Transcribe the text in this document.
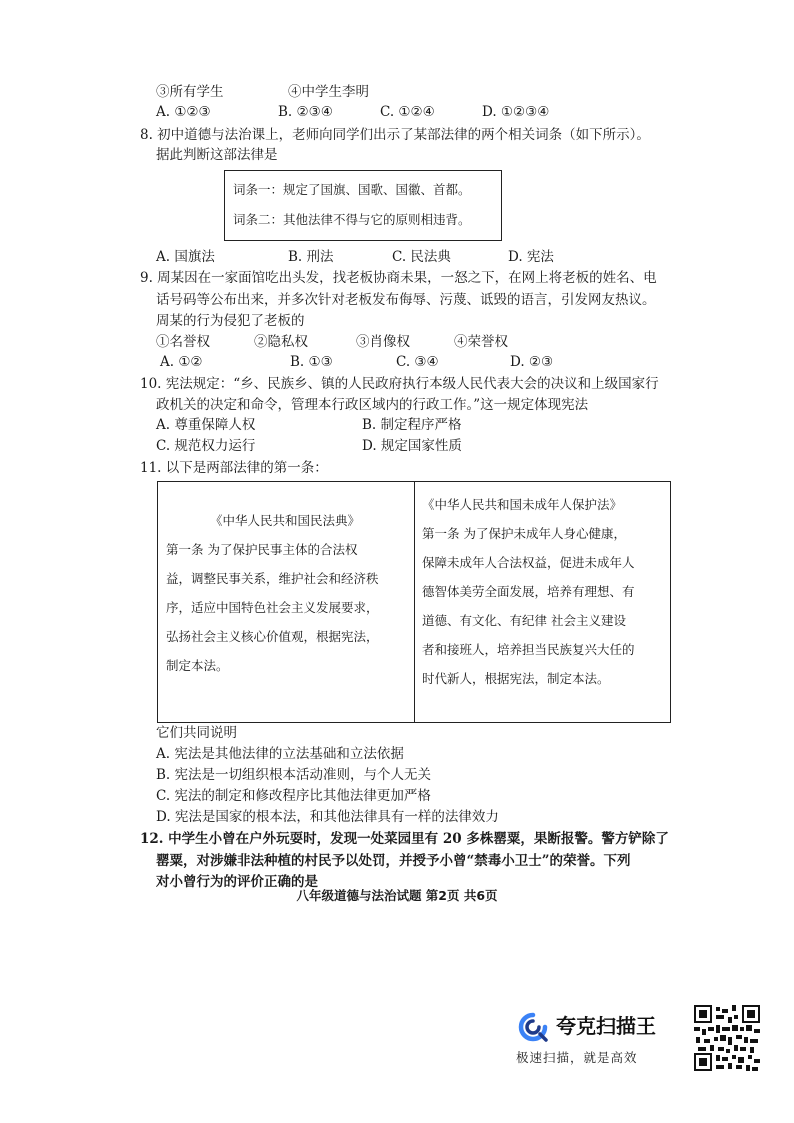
③所有学生	④中学生李明
A. ①②③	B. ②③④	C. ①②④	D. ①②③④
8. 初中道德与法治课上，老师向同学们出示了某部法律的两个相关词条（如下所示）。
据此判断这部法律是
词条一：规定了国旗、国歌、国徽、首都。
词条二：其他法律不得与它的原则相违背。
A. 国旗法	B. 刑法	C. 民法典	D. 宪法
9. 周某因在一家面馆吃出头发，找老板协商未果，一怒之下，在网上将老板的姓名、电
话号码等公布出来，并多次针对老板发布侮辱、污蔑、诋毁的语言，引发网友热议。
周某的行为侵犯了老板的
①名誉权	②隐私权	③肖像权	④荣誉权
A. ①②	B. ①③	C. ③④	D. ②③
10. 宪法规定：“乡、民族乡、镇的人民政府执行本级人民代表大会的决议和上级国家行
政机关的决定和命令，管理本行政区域内的行政工作。”这一规定体现宪法
A. 尊重保障人权	B. 制定程序严格
C. 规范权力运行	D. 规定国家性质
11. 以下是两部法律的第一条：
《中华人民共和国民法典》
第一条 为了保护民事主体的合法权
益，调整民事关系，维护社会和经济秩
序，适应中国特色社会主义发展要求，
弘扬社会主义核心价值观，根据宪法，
制定本法。
《中华人民共和国未成年人保护法》
第一条 为了保护未成年人身心健康，
保障未成年人合法权益，促进未成年人
德智体美劳全面发展，培养有理想、有
道德、有文化、有纪律 社会主义建设
者和接班人，培养担当民族复兴大任的
时代新人，根据宪法，制定本法。
它们共同说明
A. 宪法是其他法律的立法基础和立法依据
B. 宪法是一切组织根本活动准则，与个人无关
C. 宪法的制定和修改程序比其他法律更加严格
D. 宪法是国家的根本法，和其他法律具有一样的法律效力
12. 中学生小曾在户外玩耍时，发现一处菜园里有 20 多株罂粟，果断报警。警方铲除了
罂粟，对涉嫌非法种植的村民予以处罚，并授予小曾“禁毒小卫士”的荣誉。下列
对小曾行为的评价正确的是
八年级道德与法治试题 第2页 共6页
夸克扫描王
极速扫描，就是高效
